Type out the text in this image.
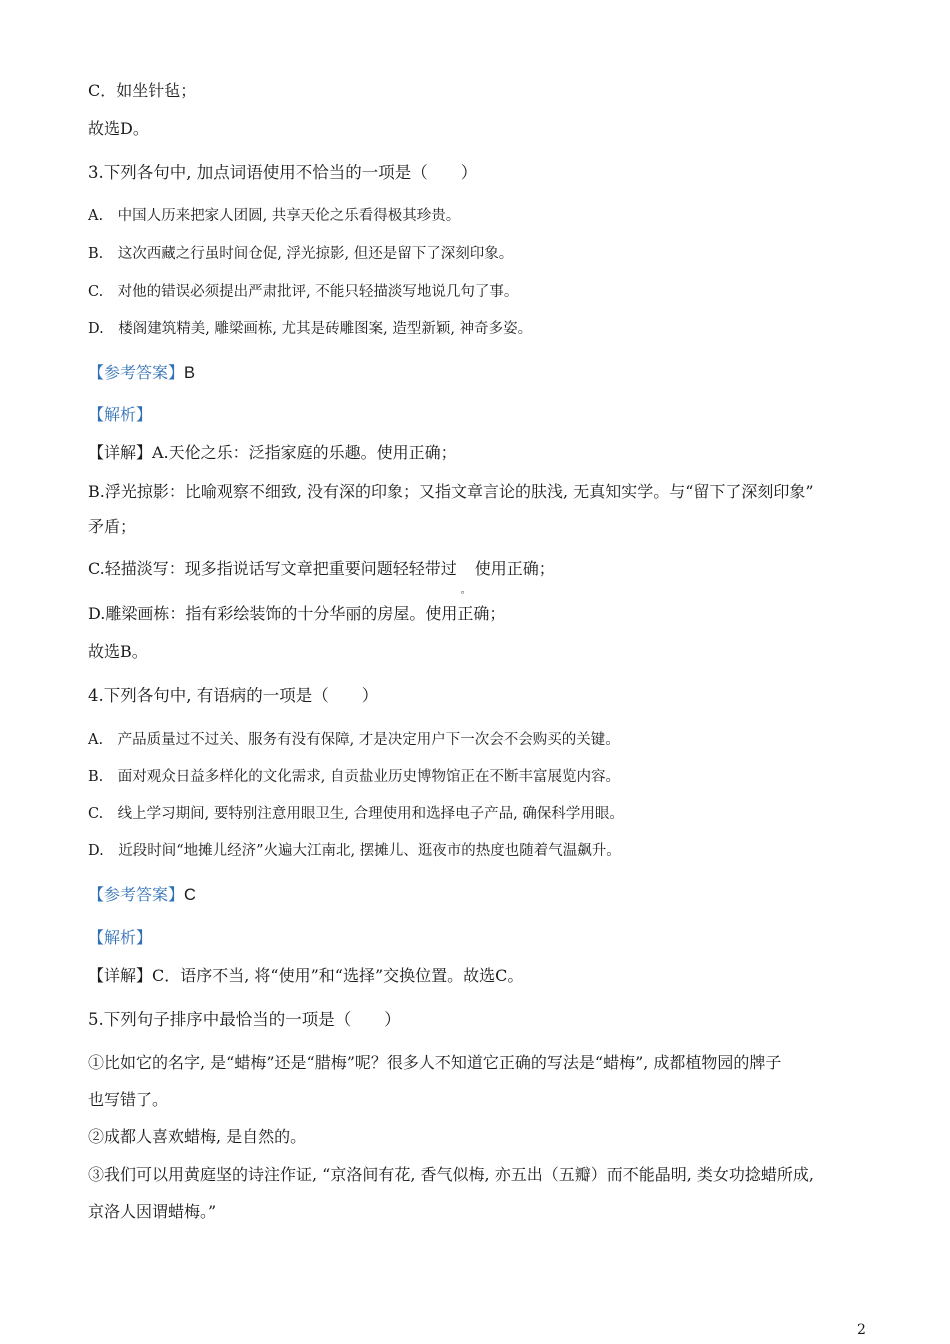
C．如坐针毡；
故选D。
3.下列各句中, 加点词语使用不恰当的一项是（　　）
A.　中国人历来把家人团圆, 共享天伦之乐看得极其珍贵。
B.　这次西藏之行虽时间仓促, 浮光掠影, 但还是留下了深刻印象。
C.　对他的错误必须提出严肃批评, 不能只轻描淡写地说几句了事。
D.　楼阁建筑精美, 雕梁画栋, 尤其是砖雕图案, 造型新颖, 神奇多姿。
【参考答案】B
【解析】
【详解】A.天伦之乐：泛指家庭的乐趣。使用正确；
B.浮光掠影：比喻观察不细致, 没有深的印象；又指文章言论的肤浅, 无真知实学。与“留下了深刻印象”
矛盾；
C.轻描淡写：现多指说话写文章把重要问题轻轻带过
。
使用正确；
D.雕梁画栋：指有彩绘装饰的十分华丽的房屋。使用正确；
故选B。
4.下列各句中, 有语病的一项是（　　）
A.　产品质量过不过关、服务有没有保障, 才是决定用户下一次会不会购买的关键。
B.　面对观众日益多样化的文化需求, 自贡盐业历史博物馆正在不断丰富展览内容。
C.　线上学习期间, 要特别注意用眼卫生, 合理使用和选择电子产品, 确保科学用眼。
D.　近段时间“地摊儿经济”火遍大江南北, 摆摊儿、逛夜市的热度也随着气温飙升。
【参考答案】C
【解析】
【详解】C．语序不当, 将“使用”和“选择”交换位置。故选C。
5.下列句子排序中最恰当的一项是（　　）
①比如它的名字, 是“蜡梅”还是“腊梅”呢？很多人不知道它正确的写法是“蜡梅”, 成都植物园的牌子
也写错了。
②成都人喜欢蜡梅, 是自然的。
③我们可以用黄庭坚的诗注作证, “京洛间有花, 香气似梅, 亦五出（五瓣）而不能晶明, 类女功捻蜡所成,
京洛人因谓蜡梅。”
2
